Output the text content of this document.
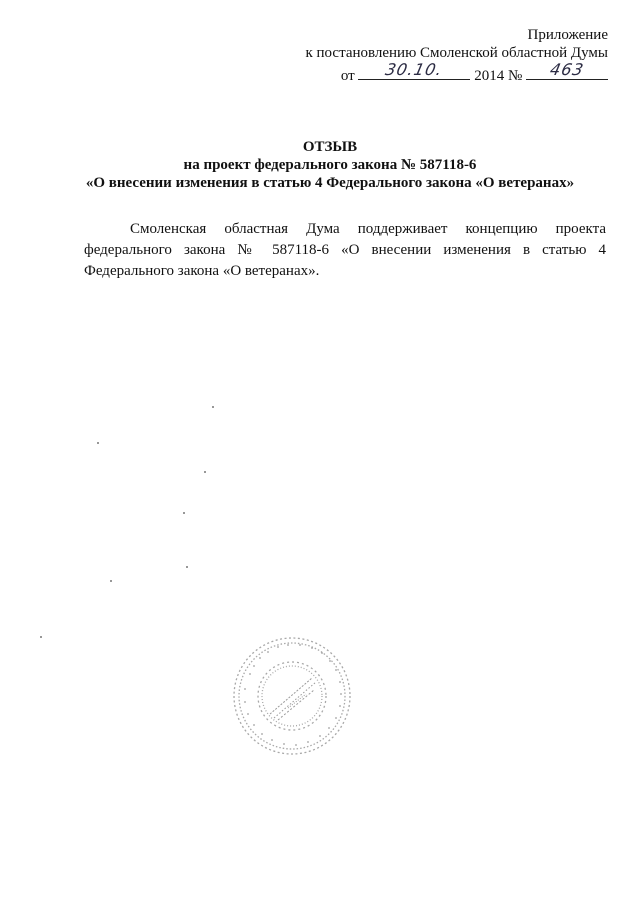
Приложение
к постановлению Смоленской областной Думы
от	30.10.	2014 №	463
ОТЗЫВ
на проект федерального закона № 587118-6
«О внесении изменения в статью 4 Федерального закона «О ветеранах»

Смоленская областная Дума поддерживает концепцию проекта федерального закона № 587118-6 «О внесении изменения в статью 4 Федерального закона «О ветеранах».
